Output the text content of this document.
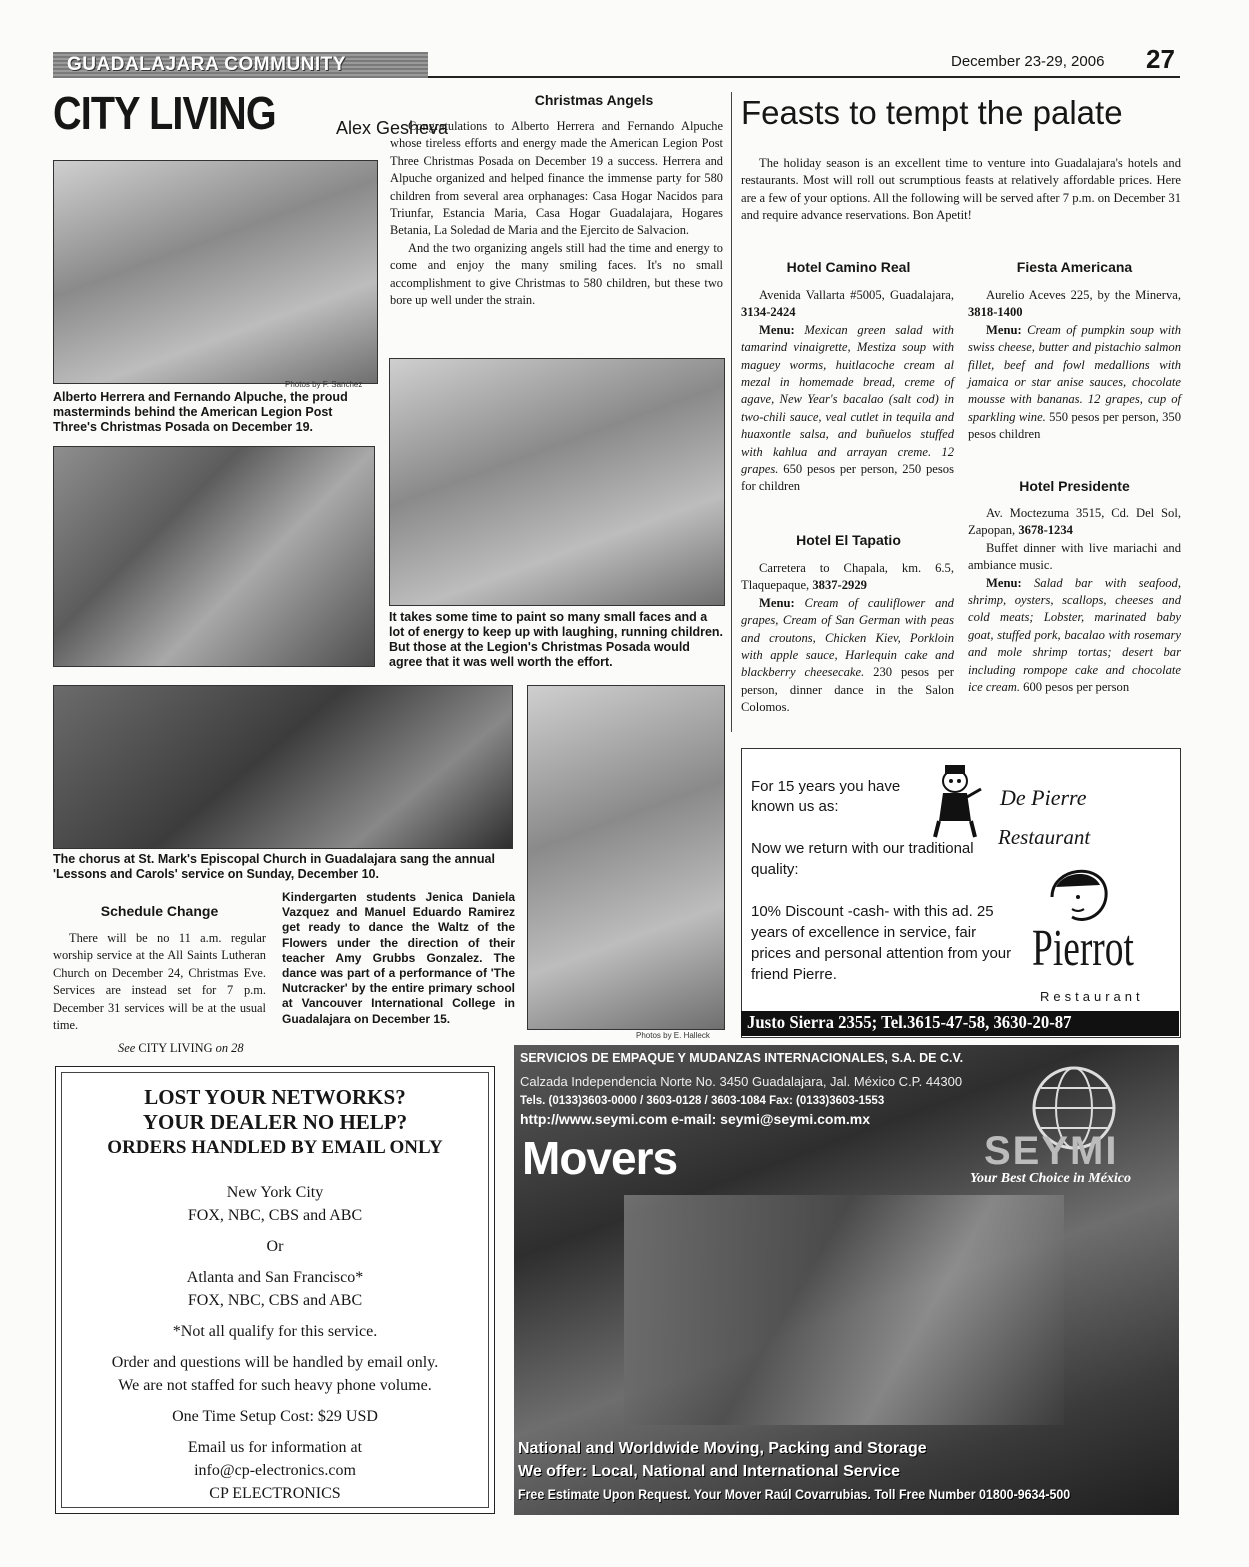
GUADALAJARA COMMUNITY	December 23-29, 2006 27
CITY LIVING	Alex Gesheva
Photos by F. Sanchez
Alberto Herrera and Fernando Alpuche, the proud masterminds behind the American Legion Post Three's Christmas Posada on December 19.
Christmas Angels

Congratulations to Alberto Herrera and Fernando Alpuche whose tireless efforts and energy made the American Legion Post Three Christmas Posada on December 19 a success. Herrera and Alpuche organized and helped finance the immense party for 580 children from several area orphanages: Casa Hogar Nacidos para Triunfar, Estancia Maria, Casa Hogar Guadalajara, Hogares Betania, La Soledad de Maria and the Ejercito de Salvacion.

And the two organizing angels still had the time and energy to come and enjoy the many smiling faces. It's no small accomplishment to give Christmas to 580 children, but these two bore up well under the strain.

It takes some time to paint so many small faces and a lot of energy to keep up with laughing, running children. But those at the Legion's Christmas Posada would agree that it was well worth the effort.
The chorus at St. Mark's Episcopal Church in Guadalajara sang the annual 'Lessons and Carols' service on Sunday, December 10.
Photos by E. Halleck
Kindergarten students Jenica Daniela Vazquez and Manuel Eduardo Ramirez get ready to dance the Waltz of the Flowers under the direction of their teacher Amy Grubbs Gonzalez. The dance was part of a performance of 'The Nutcracker' by the entire primary school at Vancouver International College in Guadalajara on December 15.
Schedule Change
There will be no 11 a.m. regular worship service at the All Saints Lutheran Church on December 24, Christmas Eve. Services are instead set for 7 p.m. December 31 services will be at the usual time.
See CITY LIVING on 28
Feasts to tempt the palate
The holiday season is an excellent time to venture into Guadalajara's hotels and restaurants. Most will roll out scrumptious feasts at relatively affordable prices. Here are a few of your options. All the following will be served after 7 p.m. on December 31 and require advance reservations. Bon Apetit!
Hotel Camino Real

Avenida Vallarta #5005, Guadalajara, 3134-2424

Menu: Mexican green salad with tamarind vinaigrette, Mestiza soup with maguey worms, huitlacoche cream al mezal in homemade bread, creme of agave, New Year's bacalao (salt cod) in two-chili sauce, veal cutlet in tequila and huaxontle salsa, and buñuelos stuffed with kahlua and arrayan creme. 12 grapes. 650 pesos per person, 250 pesos for children

Hotel El Tapatio

Carretera to Chapala, km. 6.5, Tlaquepaque, 3837-2929

Menu: Cream of cauliflower and grapes, Cream of San German with peas and croutons, Chicken Kiev, Porkloin with apple sauce, Harlequin cake and blackberry cheesecake. 230 pesos per person, dinner dance in the Salon Colomos.

Fiesta Americana

Aurelio Aceves 225, by the Minerva, 3818-1400

Menu: Cream of pumpkin soup with swiss cheese, butter and pistachio salmon fillet, beef and fowl medallions with jamaica or star anise sauces, chocolate mousse with bananas. 12 grapes, cup of sparkling wine. 550 pesos per person, 350 pesos children

Hotel Presidente

Av. Moctezuma 3515, Cd. Del Sol, Zapopan, 3678-1234

Buffet dinner with live mariachi and ambiance music.

Menu: Salad bar with seafood, shrimp, oysters, scallops, cheeses and cold meats; Lobster, marinated baby goat, stuffed pork, bacalao with rosemary and mole shrimp tortas; desert bar including rompope cake and chocolate ice cream. 600 pesos per person

For 15 years you have known us as:	De Pierre
Restaurant
Now we return with our traditional quality:
10% Discount -cash- with this ad. 25 years of excellence in service, fair prices and personal attention from your friend Pierre.	Pierrot
Restaurant
Justo Sierra 2355; Tel.3615-47-58, 3630-20-87
LOST YOUR NETWORKS?
YOUR DEALER NO HELP?
ORDERS HANDLED BY EMAIL ONLY
New York City
FOX, NBC, CBS and ABC
Or
Atlanta and San Francisco*
FOX, NBC, CBS and ABC
*Not all qualify for this service.
Order and questions will be handled by email only.
We are not staffed for such heavy phone volume.
One Time Setup Cost: $29 USD
Email us for information at
info@cp-electronics.com
CP ELECTRONICS
SERVICIOS DE EMPAQUE Y MUDANZAS INTERNACIONALES, S.A. DE C.V.
Calzada Independencia Norte No. 3450 Guadalajara, Jal. México C.P. 44300
Tels. (0133)3603-0000 / 3603-0128 / 3603-1084 Fax: (0133)3603-1553
http://www.seymi.com e-mail: seymi@seymi.com.mx
Movers	SEYMI
Your Best Choice in México
National and Worldwide Moving, Packing and Storage
We offer: Local, National and International Service
Free Estimate Upon Request. Your Mover Raúl Covarrubias. Toll Free Number 01800-9634-500
